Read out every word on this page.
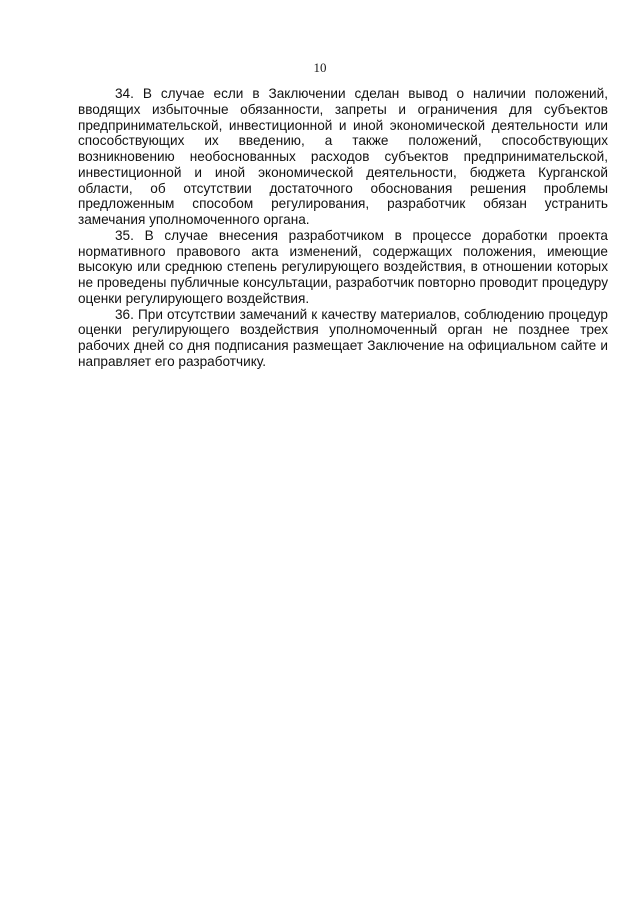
10

34. В случае если в Заключении сделан вывод о наличии положений, вводящих избыточные обязанности, запреты и ограничения для субъектов предпринимательской, инвестиционной и иной экономической деятельности или способствующих их введению, а также положений, способствующих возникновению необоснованных расходов субъектов предпринимательской, инвестиционной и иной экономической деятельности, бюджета Курганской области, об отсутствии достаточного обоснования решения проблемы предложенным способом регулирования, разработчик обязан устранить замечания уполномоченного органа.

35. В случае внесения разработчиком в процессе доработки проекта нормативного правового акта изменений, содержащих положения, имеющие высокую или среднюю степень регулирующего воздействия, в отношении которых не проведены публичные консультации, разработчик повторно проводит процедуру оценки регулирующего воздействия.

36. При отсутствии замечаний к качеству материалов, соблюдению процедур оценки регулирующего воздействия уполномоченный орган не позднее трех рабочих дней со дня подписания размещает Заключение на официальном сайте и направляет его разработчику.
